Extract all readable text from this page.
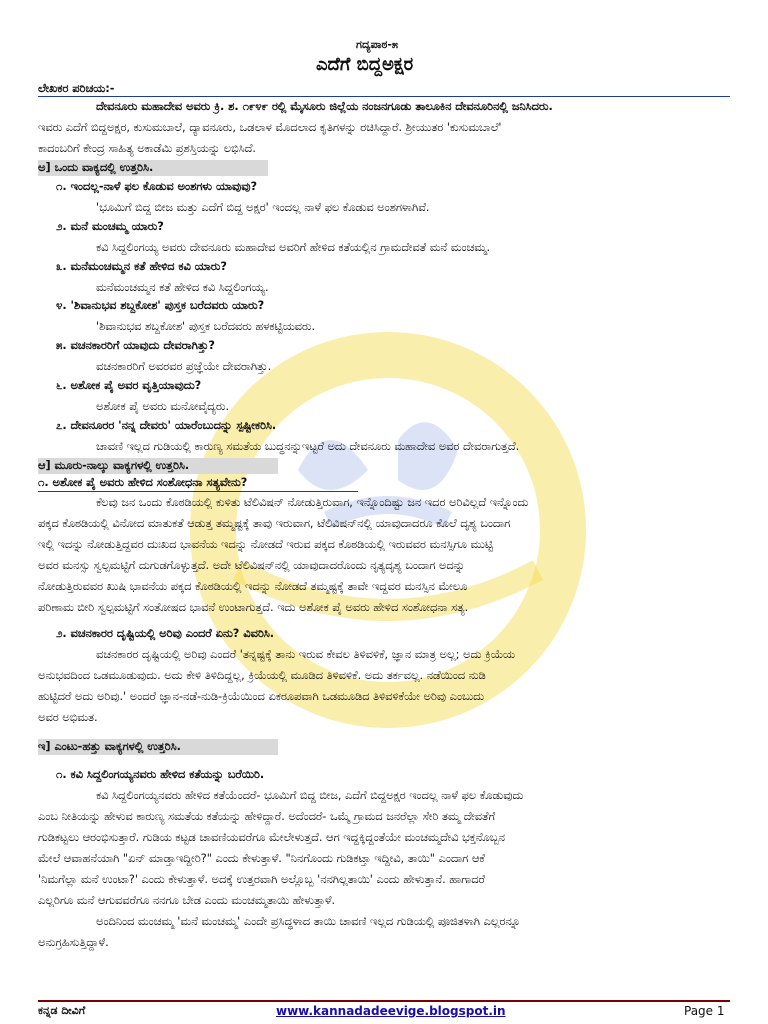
ಗದ್ಯಪಾಠ-೫
ಎದೆಗೆ ಬಿದ್ದಅಕ್ಷರ
ಲೇಖಕರ ಪರಿಚಯ:-
ದೇವನೂರು ಮಹಾದೇವ ಅವರು ಕ್ರಿ. ಶ. ೧೯೪೯ ರಲ್ಲಿ ಮೈಸೂರು ಜಿಲ್ಲೆಯ ನಂಜನಗೂಡು ತಾಲೂಕಿನ ದೇವನೂರಿನಲ್ಲಿ ಜನಿಸಿದರು.
ಇವರು ಎದೆಗೆ ಬಿದ್ದಅಕ್ಷರ, ಕುಸುಮಬಾಲೆ, ದ್ಯಾವನೂರು, ಒಡಲಾಳ ಮೊದಲಾದ ಕೃತಿಗಳನ್ನು ರಚಿಸಿದ್ದಾರೆ. ಶ್ರೀಯುತರ 'ಕುಸುಮಬಾಲೆ'
ಕಾದಂಬರಿಗೆ ಕೇಂದ್ರ ಸಾಹಿತ್ಯ ಅಕಾಡೆಮಿ ಪ್ರಶಸ್ತಿಯನ್ನು ಲಭಿಸಿದೆ.
ಅ] ಒಂದು ವಾಕ್ಯದಲ್ಲಿ ಉತ್ತರಿಸಿ.
೧. ಇಂದಲ್ಲ-ನಾಳೆ ಫಲ ಕೊಡುವ ಅಂಶಗಳು ಯಾವುವು?
'ಭೂಮಿಗೆ ಬಿದ್ದ ಬೀಜ ಮತ್ತು ಎದೆಗೆ ಬಿದ್ದ ಅಕ್ಷರ' ಇಂದಲ್ಲ ನಾಳೆ ಫಲ ಕೊಡುವ ಅಂಶಗಳಾಗಿವೆ.
೨. ಮನೆ ಮಂಚಮ್ಮ ಯಾರು?
ಕವಿ ಸಿದ್ದಲಿಂಗಯ್ಯ ಅವರು ದೇವನೂರು ಮಹಾದೇವ ಅವರಿಗೆ ಹೇಳಿದ ಕತೆಯಲ್ಲಿನ ಗ್ರಾಮದೇವತೆ ಮನೆ ಮಂಚಮ್ಮ.
೩. ಮನೆಮಂಚಮ್ಮನ ಕತೆ ಹೇಳಿದ ಕವಿ ಯಾರು?
ಮನೆಮಂಚಮ್ಮನ ಕತೆ ಹೇಳಿದ ಕವಿ ಸಿದ್ದಲಿಂಗಯ್ಯ.
೪. 'ಶಿವಾನುಭವ ಶಬ್ದಕೋಶ' ಪುಸ್ತಕ ಬರೆದವರು ಯಾರು?
'ಶಿವಾನುಭವ ಶಬ್ದಕೋಶ' ಪುಸ್ತಕ ಬರೆದವರು ಹಳಕಟ್ಟಿಯವರು.
೫. ವಚನಕಾರರಿಗೆ ಯಾವುದು ದೇವರಾಗಿತ್ತು?
ವಚನಕಾರರಿಗೆ ಅವರವರ ಪ್ರಜ್ಞೆಯೇ ದೇವರಾಗಿತ್ತು.
೬. ಅಶೋಕ ಪೈ ಅವರ ವೃತ್ತಿಯಾವುದು?
ಅಶೋಕ ಪೈ ಅವರು ಮನೋವೈದ್ಯರು.
೭. ದೇವನೂರರ 'ನನ್ನ ದೇವರು' ಯಾರೆಂಬುದನ್ನು ಸ್ಪಷ್ಟೀಕರಿಸಿ.
ಚಾವಣಿ ಇಲ್ಲದ ಗುಡಿಯಲ್ಲಿ ಕಾರುಣ್ಯ ಸಮತೆಯ ಬುದ್ಧನನ್ನುಇಟ್ಟರೆ ಅದು ದೇವನೂರು ಮಹಾದೇವ ಅವರ ದೇವರಾಗುತ್ತದೆ.
ಆ] ಮೂರು-ನಾಲ್ಕು ವಾಕ್ಯಗಳಲ್ಲಿ ಉತ್ತರಿಸಿ.
೧. ಅಶೋಕ ಪೈ ಅವರು ಹೇಳಿದ ಸಂಶೋಧನಾ ಸತ್ಯವೇನು?
ಕೆಲವು ಜನ ಒಂದು ಕೊಠಡಿಯಲ್ಲಿ ಕುಳಿತು ಟೆಲಿವಿಷನ್ ನೋಡುತ್ತಿರುವಾಗ, ಇನ್ನೊಂದಿಷ್ಟು ಜನ ಇದರ ಅರಿವಿಲ್ಲದೆ ಇನ್ನೊಂದು
ಪಕ್ಕದ ಕೊಠಡಿಯಲ್ಲಿ ವಿನೋದ ಮಾತುಕತೆ ಆಡುತ್ತ ತಮ್ಮಷ್ಟಕ್ಕೆ ತಾವು ಇರುವಾಗ, ಟೆಲಿವಿಷನ್‌ನಲ್ಲಿ ಯಾವುದಾದರೂ ಕೊಲೆ ದೃಶ್ಯ ಬಂದಾಗ
ಇಲ್ಲಿ ಇದನ್ನು ನೋಡುತ್ತಿದ್ದವರ ದುಃಖದ ಭಾವನೆಯ ಇದನ್ನು ನೋಡದೆ ಇರುವ ಪಕ್ಕದ ಕೊಠಡಿಯಲ್ಲಿ ಇರುವವರ ಮನಸ್ಸಿಗೂ ಮುಟ್ಟಿ
ಅವರ ಮನಸ್ಸು ಸ್ವಲ್ಪಮಟ್ಟಿಗೆ ದುಗುಡಗೊಳ್ಳುತ್ತದೆ. ಅದೇ ಟೆಲಿವಿಷನ್‌ನಲ್ಲಿ ಯಾವುದಾದರೊಂದು ನೃತ್ಯದೃಶ್ಯ ಬಂದಾಗ ಅದನ್ನು
ನೋಡುತ್ತಿರುವವರ ಖುಷಿ ಭಾವನೆಯ ಪಕ್ಕದ ಕೊಠಡಿಯಲ್ಲಿ ಇದನ್ನು ನೋಡದೆ ತಮ್ಮಷ್ಟಕ್ಕೆ ತಾವೇ ಇದ್ದವರ ಮನಸ್ಸಿನ ಮೇಲೂ
ಪರಿಣಾಮ ಬೀರಿ ಸ್ವಲ್ಪಮಟ್ಟಿಗೆ ಸಂತೋಷದ ಭಾವನೆ ಉಂಟಾಗುತ್ತದೆ. ಇದು ಅಶೋಕ ಪೈ ಅವರು ಹೇಳಿದ ಸಂಶೋಧನಾ ಸತ್ಯ.
೨. ವಚನಕಾರರ ದೃಷ್ಟಿಯಲ್ಲಿ ಅರಿವು ಎಂದರೆ ಏನು? ವಿವರಿಸಿ.
ವಚನಕಾರರ ದೃಷ್ಟಿಯಲ್ಲಿ ಅರಿವು ಎಂದರೆ 'ತನ್ನಷ್ಟಕ್ಕೆ ತಾನು ಇರುವ ಕೇವಲ ತಿಳಿವಳಿಕೆ, ಜ್ಞಾನ ಮಾತ್ರ ಅಲ್ಲ; ಅದು ಕ್ರಿಯೆಯ
ಅನುಭವದಿಂದ ಒಡಮೂಡುವುದು. ಅದು ಕೇಳಿ ತಿಳಿದಿದ್ದಲ್ಲ, ಕ್ರಿಯೆಯಲ್ಲಿ ಮೂಡಿದ ತಿಳಿವಳಿಕೆ. ಅದು ತರ್ಕವಲ್ಲ. ನಡೆಯಿಂದ ನುಡಿ
ಹುಟ್ಟಿದರೆ ಅದು ಅರಿವು.' ಅಂದರೆ ಜ್ಞಾನ-ನಡೆ-ನುಡಿ-ಕ್ರಿಯೆಯಿಂದ ಏಕರೂಪವಾಗಿ ಒಡಮೂಡಿದ ತಿಳಿವಳಿಕೆಯೇ ಅರಿವು ಎಂಬುದು
ಅವರ ಅಭಿಮತ.
ಇ] ಎಂಟು-ಹತ್ತು ವಾಕ್ಯಗಳಲ್ಲಿ ಉತ್ತರಿಸಿ.
೧. ಕವಿ ಸಿದ್ದಲಿಂಗಯ್ಯನವರು ಹೇಳಿದ ಕತೆಯನ್ನು ಬರೆಯಿರಿ.
ಕವಿ ಸಿದ್ದಲಿಂಗಯ್ಯನವರು ಹೇಳಿದ ಕತೆಯೆಂದರೆ- ಭೂಮಿಗೆ ಬಿದ್ದ ಬೀಜ, ಎದೆಗೆ ಬಿದ್ದಅಕ್ಷರ ಇಂದಲ್ಲ ನಾಳೆ ಫಲ ಕೊಡುವುದು
ಎಂಬ ನೀತಿಯನ್ನು ಹೇಳುವ ಕಾರುಣ್ಯ ಸಮತೆಯ ಕತೆಯನ್ನು ಹೇಳಿದ್ದಾರೆ. ಅದೆಂದರೆ- ಒಮ್ಮೆ ಗ್ರಾಮದ ಜನರೆಲ್ಲಾ ಸೇರಿ ತಮ್ಮ ದೇವತೆಗೆ
ಗುಡಿಕಟ್ಟಲು ಆರಂಭಿಸುತ್ತಾರೆ. ಗುಡಿಯ ಕಟ್ಟಡ ಚಾವಣಿಯವರೆಗೂ ಮೇಲೇಳುತ್ತದೆ. ಆಗ ಇದ್ದಕ್ಕಿದ್ದಂತೆಯೇ ಮಂಚಮ್ಮದೇವಿ ಭಕ್ತನೊಬ್ಬನ
ಮೇಲೆ ಆವಾಹನೆಯಾಗಿ "ಏನ್ ಮಾಡ್ತಾಇದ್ದೀರಿ?" ಎಂದು ಕೇಳುತ್ತಾಳೆ. "ನಿನಗೊಂದು ಗುಡಿಕಟ್ತಾ ಇದ್ದೀವಿ, ತಾಯಿ" ಎಂದಾಗ ಆಕೆ
'ನಿಮಗೆಲ್ಲಾ ಮನೆ ಉಂಟಾ?' ಎಂದು ಕೇಳುತ್ತಾಳೆ. ಅದಕ್ಕೆ ಉತ್ತರವಾಗಿ ಅಲ್ಲೊಬ್ಬ 'ನನಗಿಲ್ಲತಾಯಿ' ಎಂದು ಹೇಳುತ್ತಾನೆ. ಹಾಗಾದರೆ
ಎಲ್ಲರಿಗೂ ಮನೆ ಆಗುವವರೆಗೂ ನನಗೂ ಬೇಡ ಎಂದು ಮಂಚಮ್ಮತಾಯಿ ಹೇಳುತ್ತಾಳೆ.
ಅಂದಿನಿಂದ ಮಂಚಮ್ಮ 'ಮನೆ ಮಂಚಮ್ಮ' ಎಂದೇ ಪ್ರಸಿದ್ಧಳಾದ ತಾಯಿ ಚಾವಣಿ ಇಲ್ಲದ ಗುಡಿಯಲ್ಲಿ ಪೂಜಿತಳಾಗಿ ಎಲ್ಲರನ್ನೂ
ಅನುಗ್ರಹಿಸುತ್ತಿದ್ದಾಳೆ.
ಕನ್ನಡ ದೀವಿಗೆ	www.kannadadeevige.blogspot.in	Page 1
